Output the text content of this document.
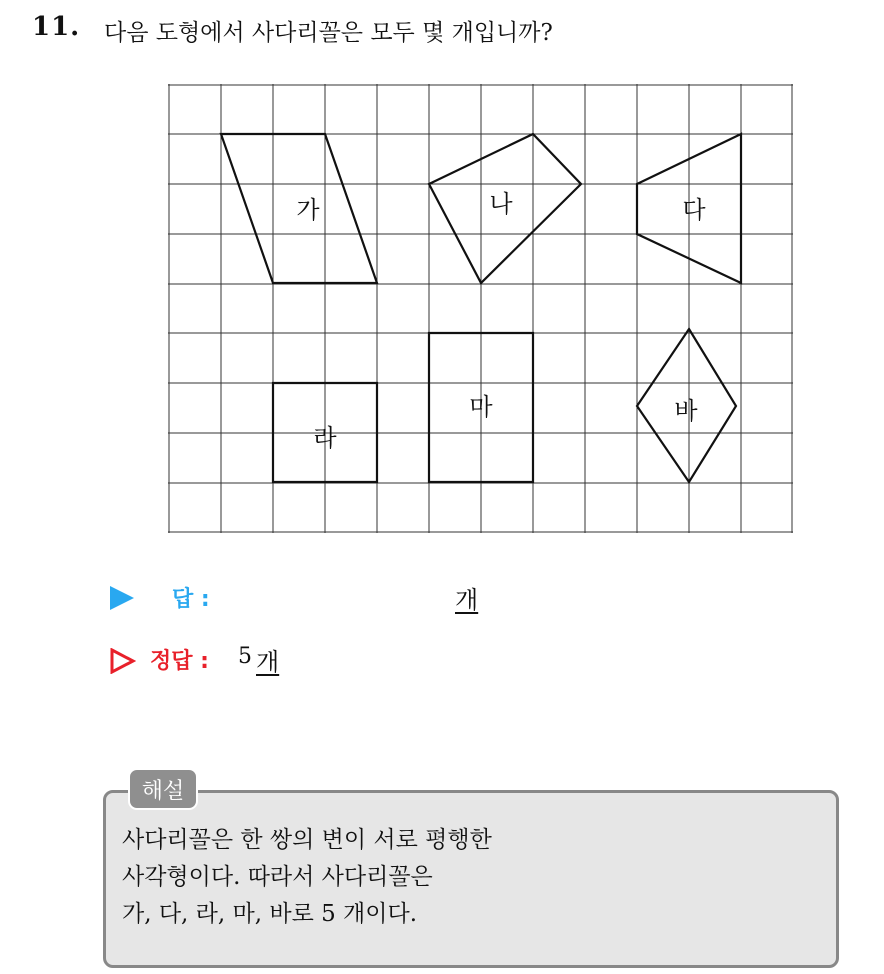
11. 다음 도형에서 사다리꼴은 모두 몇 개입니까?
가	나	다
라
마	바
답 :	개
정답 : 5 개
해설
사다리꼴은 한 쌍의 변이 서로 평행한
사각형이다. 따라서 사다리꼴은
가, 다, 라, 마, 바로 5 개이다.
